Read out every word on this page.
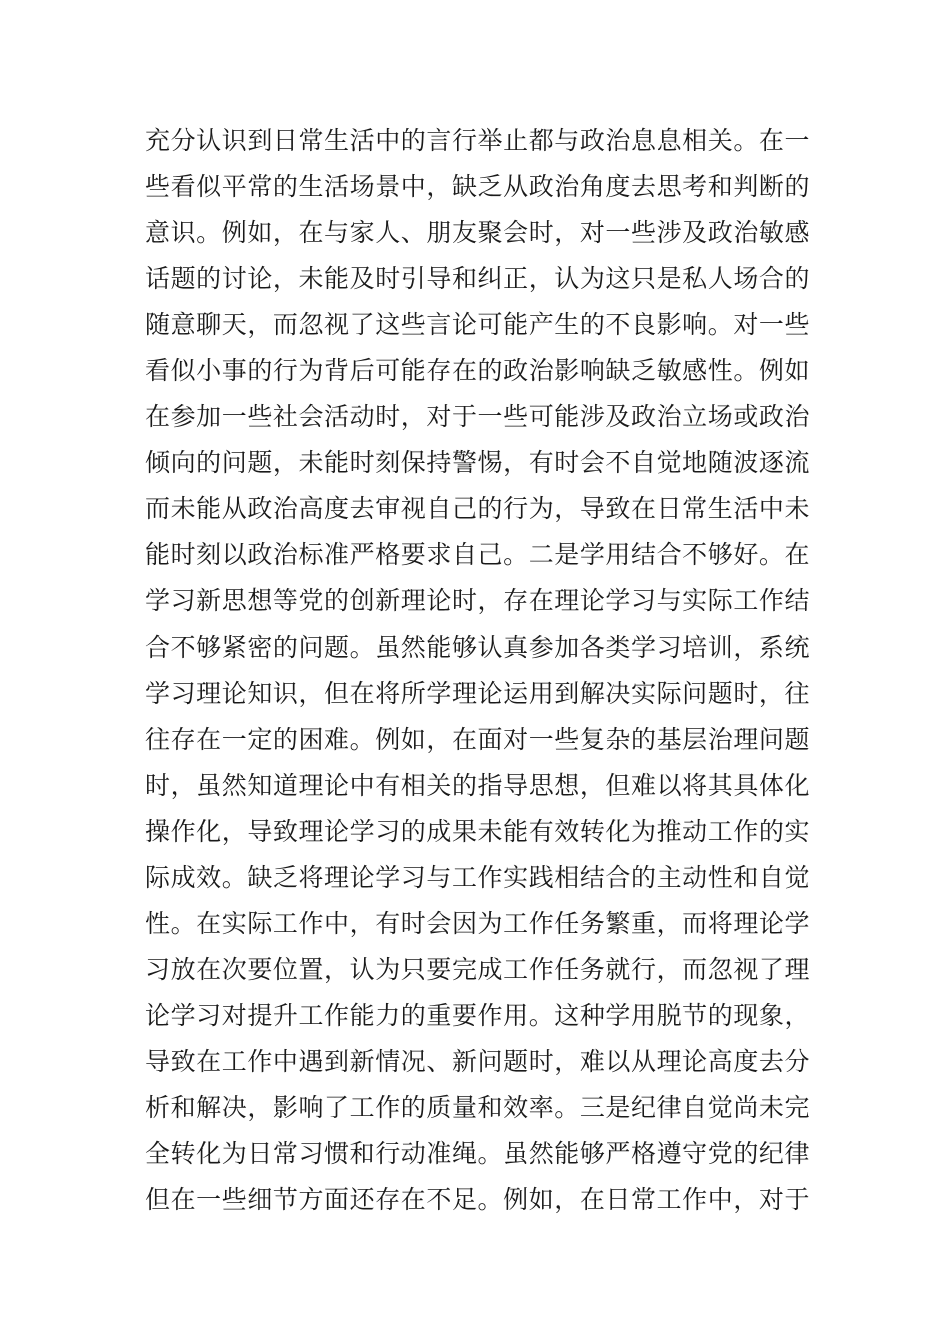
充分认识到日常生活中的言行举止都与政治息息相关。在一
些看似平常的生活场景中，缺乏从政治角度去思考和判断的
意识。例如，在与家人、朋友聚会时，对一些涉及政治敏感
话题的讨论，未能及时引导和纠正，认为这只是私人场合的
随意聊天，而忽视了这些言论可能产生的不良影响。对一些
看似小事的行为背后可能存在的政治影响缺乏敏感性。例如
在参加一些社会活动时，对于一些可能涉及政治立场或政治
倾向的问题，未能时刻保持警惕，有时会不自觉地随波逐流
而未能从政治高度去审视自己的行为，导致在日常生活中未
能时刻以政治标准严格要求自己。二是学用结合不够好。在
学习新思想等党的创新理论时，存在理论学习与实际工作结
合不够紧密的问题。虽然能够认真参加各类学习培训，系统
学习理论知识，但在将所学理论运用到解决实际问题时，往
往存在一定的困难。例如，在面对一些复杂的基层治理问题
时，虽然知道理论中有相关的指导思想，但难以将其具体化
操作化，导致理论学习的成果未能有效转化为推动工作的实
际成效。缺乏将理论学习与工作实践相结合的主动性和自觉
性。在实际工作中，有时会因为工作任务繁重，而将理论学
习放在次要位置，认为只要完成工作任务就行，而忽视了理
论学习对提升工作能力的重要作用。这种学用脱节的现象，
导致在工作中遇到新情况、新问题时，难以从理论高度去分
析和解决，影响了工作的质量和效率。三是纪律自觉尚未完
全转化为日常习惯和行动准绳。虽然能够严格遵守党的纪律
但在一些细节方面还存在不足。例如，在日常工作中，对于
